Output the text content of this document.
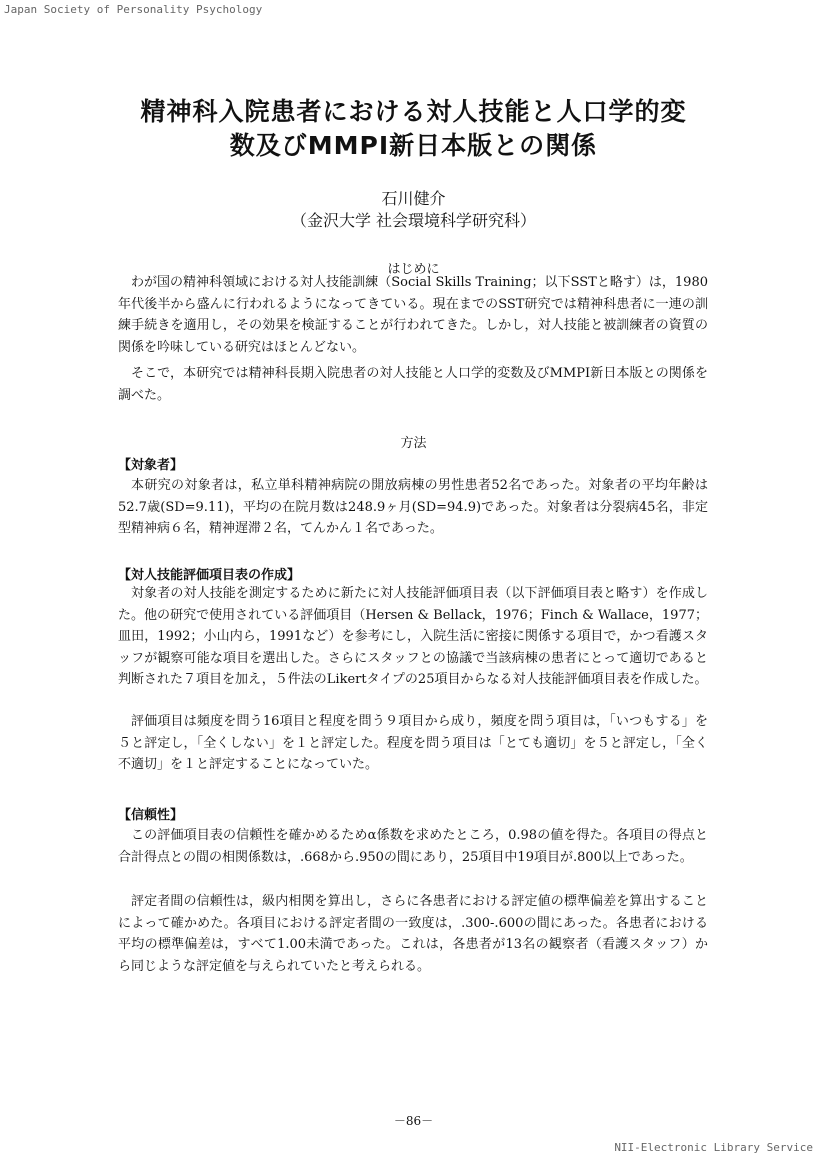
Japan Society of Personality Psychology
精神科入院患者における対人技能と人口学的変
数及びMMPI新日本版との関係
石川健介
（金沢大学 社会環境科学研究科）
はじめに

わが国の精神科領域における対人技能訓練（Social Skills Training；以下SSTと略す）は，1980年代後半から盛んに行われるようになってきている。現在までのSST研究では精神科患者に一連の訓練手続きを適用し，その効果を検証することが行われてきた。しかし，対人技能と被訓練者の資質の関係を吟味している研究はほとんどない。

そこで，本研究では精神科長期入院患者の対人技能と人口学的変数及びMMPI新日本版との関係を調べた。

方法
【対象者】

本研究の対象者は，私立単科精神病院の開放病棟の男性患者52名であった。対象者の平均年齢は52.7歳(SD=9.11)，平均の在院月数は248.9ヶ月(SD=94.9)であった。対象者は分裂病45名，非定型精神病６名，精神遅滞２名，てんかん１名であった。

【対人技能評価項目表の作成】

対象者の対人技能を測定するために新たに対人技能評価項目表（以下評価項目表と略す）を作成した。他の研究で使用されている評価項目（Hersen & Bellack，1976；Finch & Wallace，1977；皿田，1992；小山内ら，1991など）を参考にし，入院生活に密接に関係する項目で，かつ看護スタッフが観察可能な項目を選出した。さらにスタッフとの協議で当該病棟の患者にとって適切であると判断された７項目を加え，５件法のLikertタイプの25項目からなる対人技能評価項目表を作成した。

評価項目は頻度を問う16項目と程度を問う９項目から成り，頻度を問う項目は，「いつもする」を５と評定し，「全くしない」を１と評定した。程度を問う項目は「とても適切」を５と評定し，「全く不適切」を１と評定することになっていた。

【信頼性】

この評価項目表の信頼性を確かめるためα係数を求めたところ，0.98の値を得た。各項目の得点と合計得点との間の相関係数は，.668から.950の間にあり，25項目中19項目が.800以上であった。

評定者間の信頼性は，級内相関を算出し，さらに各患者における評定値の標準偏差を算出することによって確かめた。各項目における評定者間の一致度は，.300-.600の間にあった。各患者における平均の標準偏差は，すべて1.00未満であった。これは，各患者が13名の観察者（看護スタッフ）から同じような評定値を与えられていたと考えられる。

－86－
NII-Electronic Library Service
